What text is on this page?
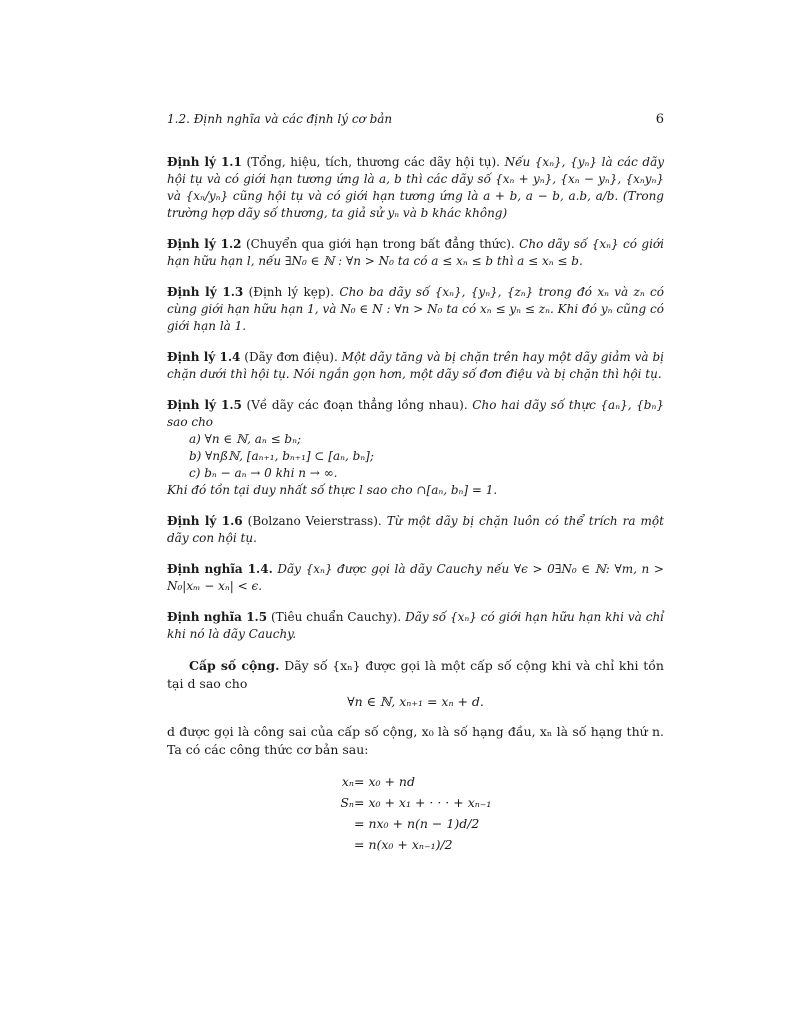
1.2. Định nghĩa và các định lý cơ bản	6
Định lý 1.1 (Tổng, hiệu, tích, thương các dãy hội tụ). Nếu {xₙ}, {yₙ} là các dãy hội tụ và có giới hạn tương ứng là a, b thì các dãy số {xₙ + yₙ}, {xₙ − yₙ}, {xₙyₙ} và {xₙ/yₙ} cũng hội tụ và có giới hạn tương ứng là a + b, a − b, a.b, a/b. (Trong trường hợp dãy số thương, ta giả sử yₙ và b khác không)
Định lý 1.2 (Chuyển qua giới hạn trong bất đẳng thức). Cho dãy số {xₙ} có giới hạn hữu hạn l, nếu ∃N₀ ∈ ℕ : ∀n > N₀ ta có a ≤ xₙ ≤ b thì a ≤ xₙ ≤ b.
Định lý 1.3 (Định lý kẹp). Cho ba dãy số {xₙ}, {yₙ}, {zₙ} trong đó xₙ và zₙ có cùng giới hạn hữu hạn 1, và N₀ ∈ N : ∀n > N₀ ta có xₙ ≤ yₙ ≤ zₙ. Khi đó yₙ cũng có giới hạn là 1.
Định lý 1.4 (Dãy đơn điệu). Một dãy tăng và bị chặn trên hay một dãy giảm và bị chặn dưới thì hội tụ. Nói ngắn gọn hơn, một dãy số đơn điệu và bị chặn thì hội tụ.
Định lý 1.5 (Về dãy các đoạn thẳng lồng nhau). Cho hai dãy số thực {aₙ}, {bₙ} sao cho
a) ∀n ∈ ℕ, aₙ ≤ bₙ;
b) ∀nßℕ, [aₙ₊₁, bₙ₊₁] ⊂ [aₙ, bₙ];
c) bₙ − aₙ → 0 khi n → ∞.
Khi đó tồn tại duy nhất số thực l sao cho ∩[aₙ, bₙ] = 1.
Định lý 1.6 (Bolzano Veierstrass). Từ một dãy bị chặn luôn có thể trích ra một dãy con hội tụ.
Định nghĩa 1.4. Dãy {xₙ} được gọi là dãy Cauchy nếu ∀ϵ > 0∃N₀ ∈ ℕ: ∀m, n > N₀|xₘ − xₙ| < ϵ.
Định nghĩa 1.5 (Tiêu chuẩn Cauchy). Dãy số {xₙ} có giới hạn hữu hạn khi và chỉ khi nó là dãy Cauchy.
Cấp số cộng. Dãy số {xₙ} được gọi là một cấp số cộng khi và chỉ khi tồn tại d sao cho
∀n ∈ ℕ, xₙ₊₁ = xₙ + d.
d được gọi là công sai của cấp số cộng, x₀ là số hạng đầu, xₙ là số hạng thứ n. Ta có các công thức cơ bản sau:
xₙ = x₀ + nd
Sₙ = x₀ + x₁ + · · · + xₙ₋₁
= nx₀ + n(n − 1)d/2
= n(x₀ + xₙ₋₁)/2
